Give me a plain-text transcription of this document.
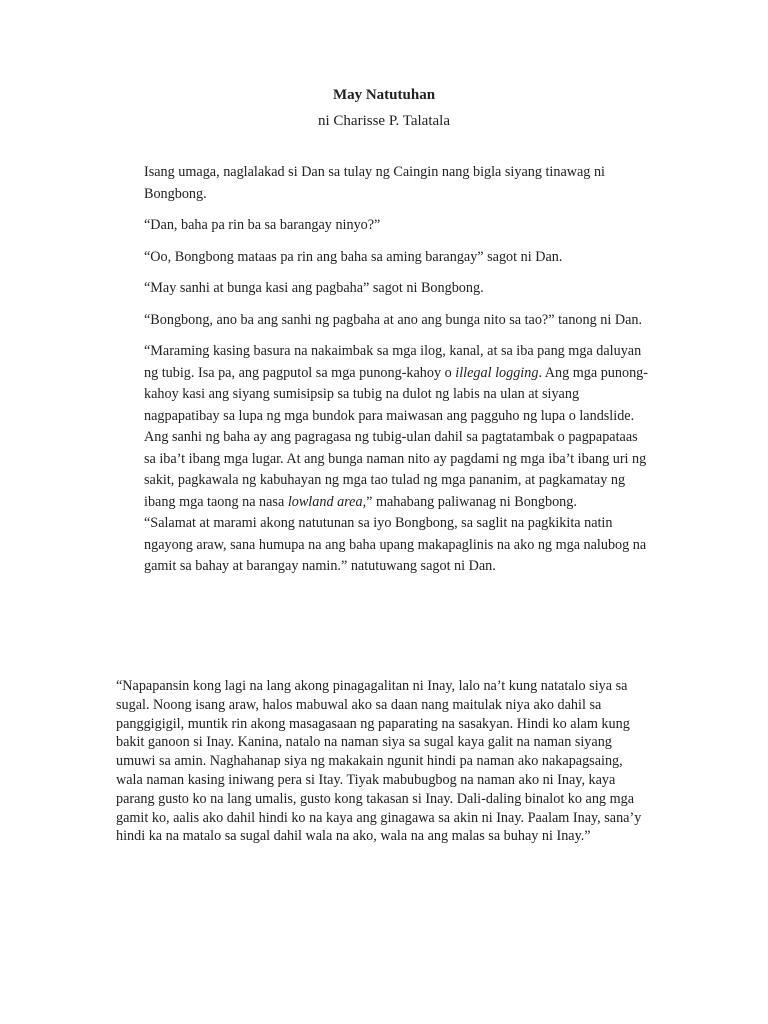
May Natutuhan
ni Charisse P. Talatala

Isang umaga, naglalakad si Dan sa tulay ng Caingin nang bigla siyang tinawag ni Bongbong.

“Dan, baha pa rin ba sa barangay ninyo?”

“Oo, Bongbong mataas pa rin ang baha sa aming barangay” sagot ni Dan.

“May sanhi at bunga kasi ang pagbaha” sagot ni Bongbong.

“Bongbong, ano ba ang sanhi ng pagbaha at ano ang bunga nito sa tao?” tanong ni Dan.

“Maraming kasing basura na nakaimbak sa mga ilog, kanal, at sa iba pang mga daluyan ng tubig. Isa pa, ang pagputol sa mga punong-kahoy o illegal logging. Ang mga punong-kahoy kasi ang siyang sumisipsip sa tubig na dulot ng labis na ulan at siyang nagpapatibay sa lupa ng mga bundok para maiwasan ang pagguho ng lupa o landslide.

Ang sanhi ng baha ay ang pagragasa ng tubig-ulan dahil sa pagtatambak o pagpapataas sa iba’t ibang mga lugar. At ang bunga naman nito ay pagdami ng mga iba’t ibang uri ng sakit, pagkawala ng kabuhayan ng mga tao tulad ng mga pananim, at pagkamatay ng ibang mga taong na nasa lowland area,” mahabang paliwanag ni Bongbong.

“Salamat at marami akong natutunan sa iyo Bongbong, sa saglit na pagkikita natin ngayong araw, sana humupa na ang baha upang makapaglinis na ako ng mga nalubog na gamit sa bahay at barangay namin.” natutuwang sagot ni Dan.

“Napapansin kong lagi na lang akong pinagagalitan ni Inay, lalo na’t kung natatalo siya sa sugal. Noong isang araw, halos mabuwal ako sa daan nang maitulak niya ako dahil sa panggigigil, muntik rin akong masagasaan ng paparating na sasakyan. Hindi ko alam kung bakit ganoon si Inay. Kanina, natalo na naman siya sa sugal kaya galit na naman siyang umuwi sa amin. Naghahanap siya ng makakain ngunit hindi pa naman ako nakapagsaing, wala naman kasing iniwang pera si Itay. Tiyak mabubugbog na naman ako ni Inay, kaya parang gusto ko na lang umalis, gusto kong takasan si Inay. Dali-daling binalot ko ang mga gamit ko, aalis ako dahil hindi ko na kaya ang ginagawa sa akin ni Inay. Paalam Inay, sana’y hindi ka na matalo sa sugal dahil wala na ako, wala na ang malas sa buhay ni Inay.”
